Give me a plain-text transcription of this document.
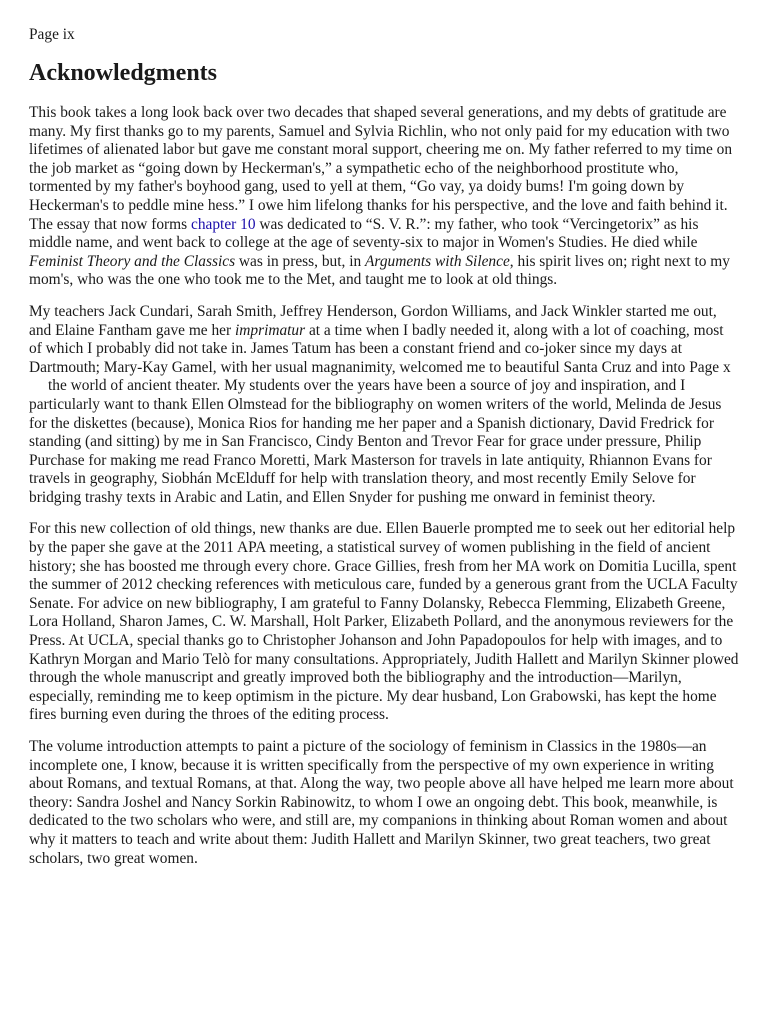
Page ix

Acknowledgments

This book takes a long look back over two decades that shaped several generations, and my debts of gratitude are many. My first thanks go to my parents, Samuel and Sylvia Richlin, who not only paid for my education with two lifetimes of alienated labor but gave me constant moral support, cheering me on. My father referred to my time on the job market as “going down by Heckerman's,” a sympathetic echo of the neighborhood prostitute who, tormented by my father's boyhood gang, used to yell at them, “Go vay, ya doidy bums! I'm going down by Heckerman's to peddle mine hess.” I owe him lifelong thanks for his perspective, and the love and faith behind it. The essay that now forms chapter 10 was dedicated to “S. V. R.”: my father, who took “Vercingetorix” as his middle name, and went back to college at the age of seventy-six to major in Women's Studies. He died while Feminist Theory and the Classics was in press, but, in Arguments with Silence, his spirit lives on; right next to my mom's, who was the one who took me to the Met, and taught me to look at old things.

My teachers Jack Cundari, Sarah Smith, Jeffrey Henderson, Gordon Williams, and Jack Winkler started me out, and Elaine Fantham gave me her imprimatur at a time when I badly needed it, along with a lot of coaching, most of which I probably did not take in. James Tatum has been a constant friend and co-joker since my days at Dartmouth; Mary-Kay Gamel, with her usual magnanimity, welcomed me to beautiful Santa Cruz and into Page x
the world of ancient theater. My students over the years have been a source of joy and inspiration, and I particularly want to thank Ellen Olmstead for the bibliography on women writers of the world, Melinda de Jesus for the diskettes (because), Monica Rios for handing me her paper and a Spanish dictionary, David Fredrick for standing (and sitting) by me in San Francisco, Cindy Benton and Trevor Fear for grace under pressure, Philip Purchase for making me read Franco Moretti, Mark Masterson for travels in late antiquity, Rhiannon Evans for travels in geography, Siobhán McElduff for help with translation theory, and most recently Emily Selove for bridging trashy texts in Arabic and Latin, and Ellen Snyder for pushing me onward in feminist theory.

For this new collection of old things, new thanks are due. Ellen Bauerle prompted me to seek out her editorial help by the paper she gave at the 2011 APA meeting, a statistical survey of women publishing in the field of ancient history; she has boosted me through every chore. Grace Gillies, fresh from her MA work on Domitia Lucilla, spent the summer of 2012 checking references with meticulous care, funded by a generous grant from the UCLA Faculty Senate. For advice on new bibliography, I am grateful to Fanny Dolansky, Rebecca Flemming, Elizabeth Greene, Lora Holland, Sharon James, C. W. Marshall, Holt Parker, Elizabeth Pollard, and the anonymous reviewers for the Press. At UCLA, special thanks go to Christopher Johanson and John Papadopoulos for help with images, and to Kathryn Morgan and Mario Telò for many consultations. Appropriately, Judith Hallett and Marilyn Skinner plowed through the whole manuscript and greatly improved both the bibliography and the introduction—Marilyn, especially, reminding me to keep optimism in the picture. My dear husband, Lon Grabowski, has kept the home fires burning even during the throes of the editing process.

The volume introduction attempts to paint a picture of the sociology of feminism in Classics in the 1980s—an incomplete one, I know, because it is written specifically from the perspective of my own experience in writing about Romans, and textual Romans, at that. Along the way, two people above all have helped me learn more about theory: Sandra Joshel and Nancy Sorkin Rabinowitz, to whom I owe an ongoing debt. This book, meanwhile, is dedicated to the two scholars who were, and still are, my companions in thinking about Roman women and about why it matters to teach and write about them: Judith Hallett and Marilyn Skinner, two great teachers, two great scholars, two great women.
